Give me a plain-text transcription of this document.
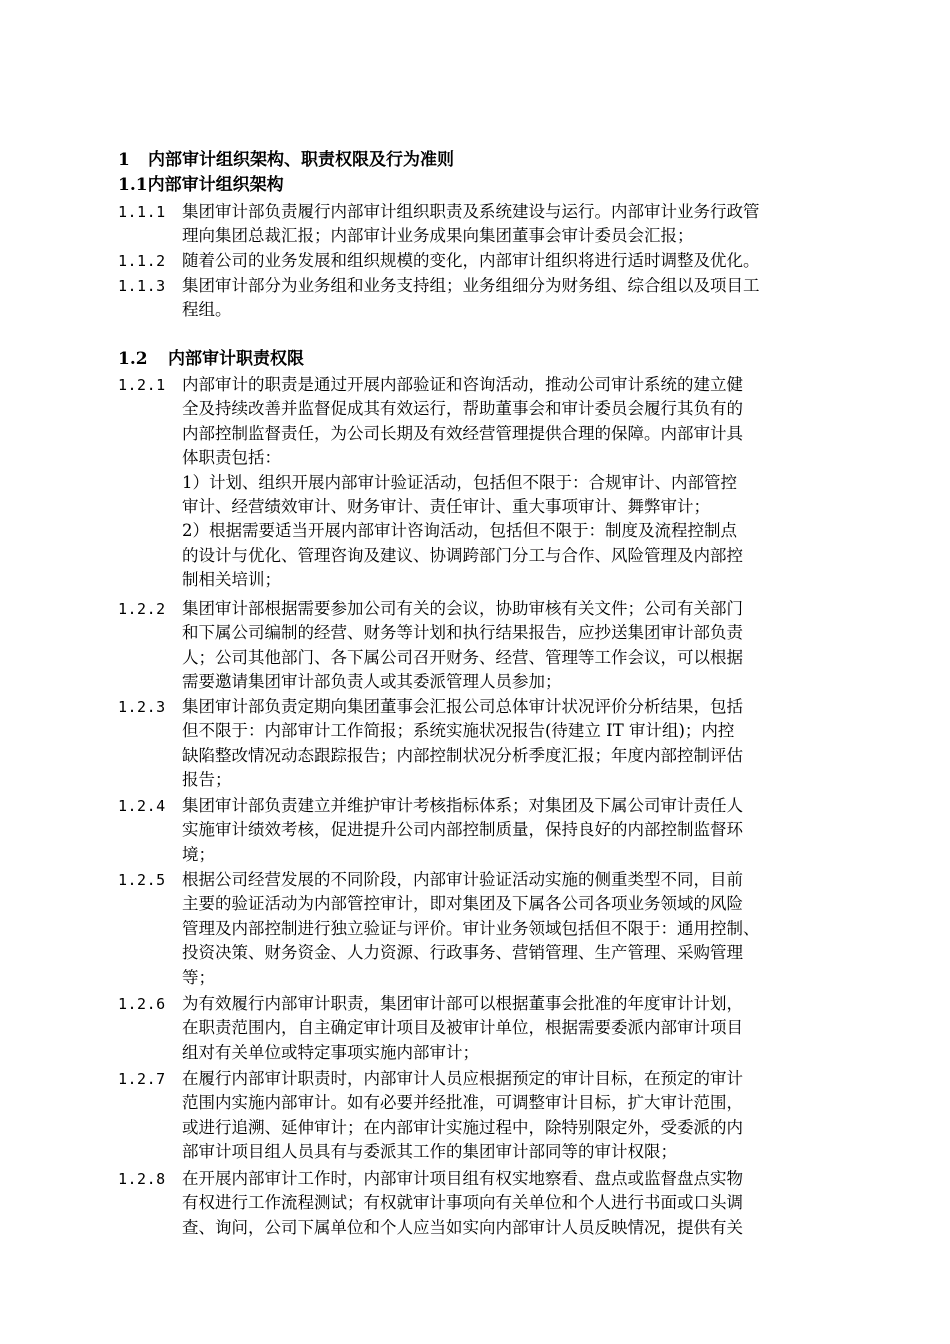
1 内部审计组织架构、职责权限及行为准则
1.1内部审计组织架构
1.1.1 集团审计部负责履行内部审计组织职责及系统建设与运行。内部审计业务行政管
理向集团总裁汇报；内部审计业务成果向集团董事会审计委员会汇报；
1.1.2 随着公司的业务发展和组织规模的变化，内部审计组织将进行适时调整及优化。
1.1.3 集团审计部分为业务组和业务支持组；业务组细分为财务组、综合组以及项目工
程组。
1.2 内部审计职责权限
1.2.1 内部审计的职责是通过开展内部验证和咨询活动，推动公司审计系统的建立健
全及持续改善并监督促成其有效运行，帮助董事会和审计委员会履行其负有的
内部控制监督责任，为公司长期及有效经营管理提供合理的保障。内部审计具
体职责包括：
1）计划、组织开展内部审计验证活动，包括但不限于：合规审计、内部管控
审计、经营绩效审计、财务审计、责任审计、重大事项审计、舞弊审计；
2）根据需要适当开展内部审计咨询活动，包括但不限于：制度及流程控制点
的设计与优化、管理咨询及建议、协调跨部门分工与合作、风险管理及内部控
制相关培训；
1.2.2 集团审计部根据需要参加公司有关的会议，协助审核有关文件；公司有关部门
和下属公司编制的经营、财务等计划和执行结果报告，应抄送集团审计部负责
人；公司其他部门、各下属公司召开财务、经营、管理等工作会议，可以根据
需要邀请集团审计部负责人或其委派管理人员参加；
1.2.3 集团审计部负责定期向集团董事会汇报公司总体审计状况评价分析结果，包括
但不限于：内部审计工作简报；系统实施状况报告(待建立 IT 审计组)；内控
缺陷整改情况动态跟踪报告；内部控制状况分析季度汇报；年度内部控制评估
报告；
1.2.4 集团审计部负责建立并维护审计考核指标体系；对集团及下属公司审计责任人
实施审计绩效考核，促进提升公司内部控制质量，保持良好的内部控制监督环
境；
1.2.5 根据公司经营发展的不同阶段，内部审计验证活动实施的侧重类型不同，目前
主要的验证活动为内部管控审计，即对集团及下属各公司各项业务领域的风险
管理及内部控制进行独立验证与评价。审计业务领域包括但不限于：通用控制、
投资决策、财务资金、人力资源、行政事务、营销管理、生产管理、采购管理
等；
1.2.6 为有效履行内部审计职责，集团审计部可以根据董事会批准的年度审计计划，
在职责范围内，自主确定审计项目及被审计单位，根据需要委派内部审计项目
组对有关单位或特定事项实施内部审计；
1.2.7 在履行内部审计职责时，内部审计人员应根据预定的审计目标，在预定的审计
范围内实施内部审计。如有必要并经批准，可调整审计目标，扩大审计范围，
或进行追溯、延伸审计；在内部审计实施过程中，除特别限定外，受委派的内
部审计项目组人员具有与委派其工作的集团审计部同等的审计权限；
1.2.8 在开展内部审计工作时，内部审计项目组有权实地察看、盘点或监督盘点实物
有权进行工作流程测试；有权就审计事项向有关单位和个人进行书面或口头调
查、询问，公司下属单位和个人应当如实向内部审计人员反映情况，提供有关
